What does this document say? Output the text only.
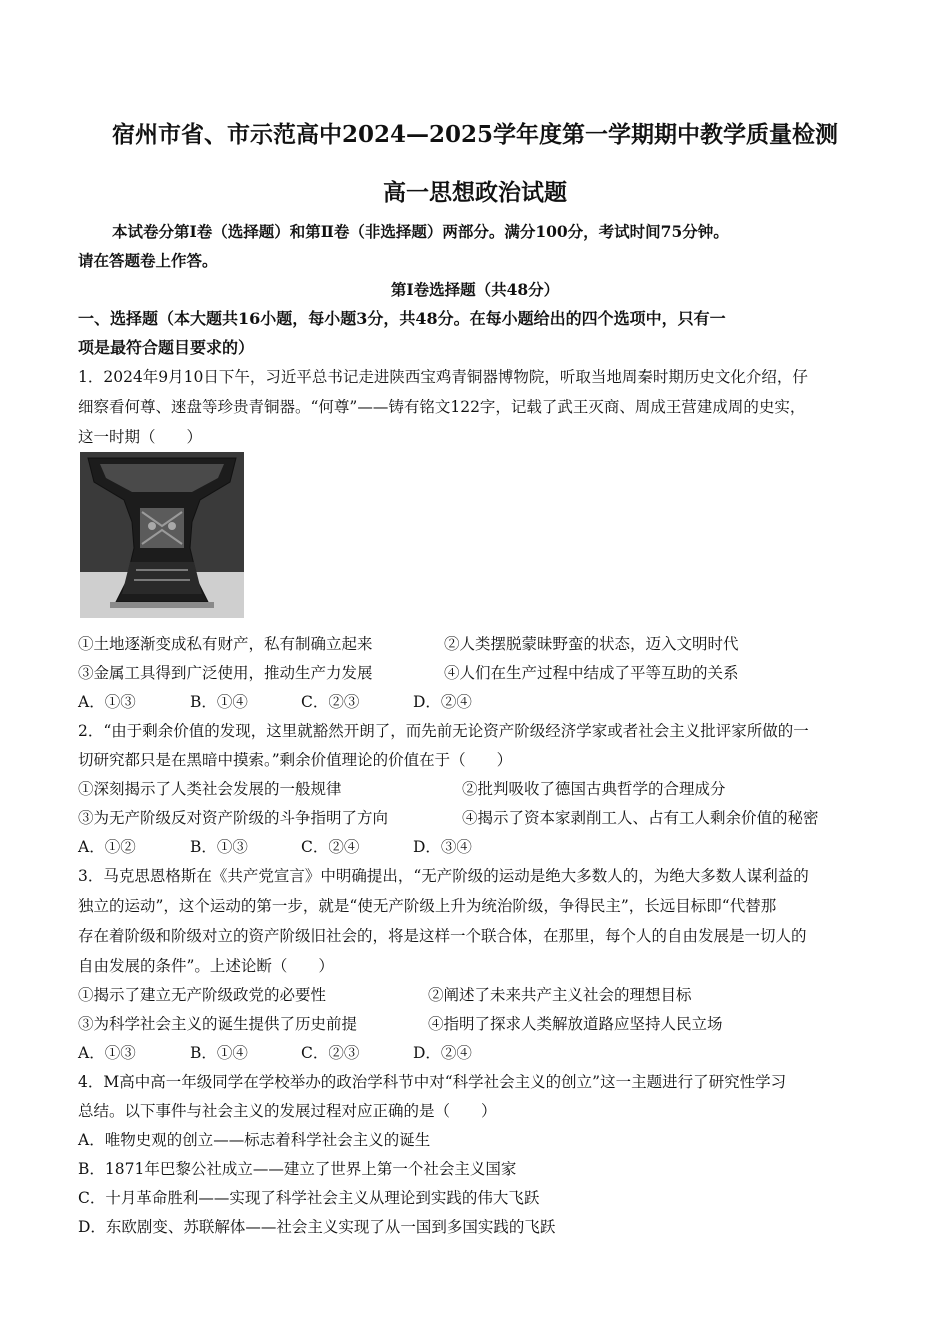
宿州市省、市示范高中2024—2025学年度第一学期期中教学质量检测
高一思想政治试题
本试卷分第I卷（选择题）和第Ⅱ卷（非选择题）两部分。满分100分，考试时间75分钟。
请在答题卷上作答。
第I卷选择题（共48分）
一、选择题（本大题共16小题，每小题3分，共48分。在每小题给出的四个选项中，只有一
项是最符合题目要求的）
1．2024年9月10日下午，习近平总书记走进陕西宝鸡青铜器博物院，听取当地周秦时期历史文化介绍，仔
细察看何尊、逨盘等珍贵青铜器。“何尊”——铸有铭文122字，记载了武王灭商、周成王营建成周的史实，
这一时期（　　）
①土地逐渐变成私有财产，私有制确立起来	②人类摆脱蒙昧野蛮的状态，迈入文明时代
③金属工具得到广泛使用，推动生产力发展	④人们在生产过程中结成了平等互助的关系
A．①③	B．①④	C．②③	D．②④
2．“由于剩余价值的发现，这里就豁然开朗了，而先前无论资产阶级经济学家或者社会主义批评家所做的一
切研究都只是在黑暗中摸索。”剩余价值理论的价值在于（　　）
①深刻揭示了人类社会发展的一般规律	②批判吸收了德国古典哲学的合理成分
③为无产阶级反对资产阶级的斗争指明了方向	④揭示了资本家剥削工人、占有工人剩余价值的秘密
A．①②	B．①③	C．②④	D．③④
3．马克思恩格斯在《共产党宣言》中明确提出，“无产阶级的运动是绝大多数人的，为绝大多数人谋利益的
独立的运动”，这个运动的第一步，就是“使无产阶级上升为统治阶级，争得民主”，长远目标即“代替那
存在着阶级和阶级对立的资产阶级旧社会的，将是这样一个联合体，在那里，每个人的自由发展是一切人的
自由发展的条件”。上述论断（　　）
①揭示了建立无产阶级政党的必要性	②阐述了未来共产主义社会的理想目标
③为科学社会主义的诞生提供了历史前提	④指明了探求人类解放道路应坚持人民立场
A．①③	B．①④	C．②③	D．②④
4．M高中高一年级同学在学校举办的政治学科节中对“科学社会主义的创立”这一主题进行了研究性学习
总结。以下事件与社会主义的发展过程对应正确的是（　　）
A．唯物史观的创立——标志着科学社会主义的诞生
B．1871年巴黎公社成立——建立了世界上第一个社会主义国家
C．十月革命胜利——实现了科学社会主义从理论到实践的伟大飞跃
D．东欧剧变、苏联解体——社会主义实现了从一国到多国实践的飞跃
